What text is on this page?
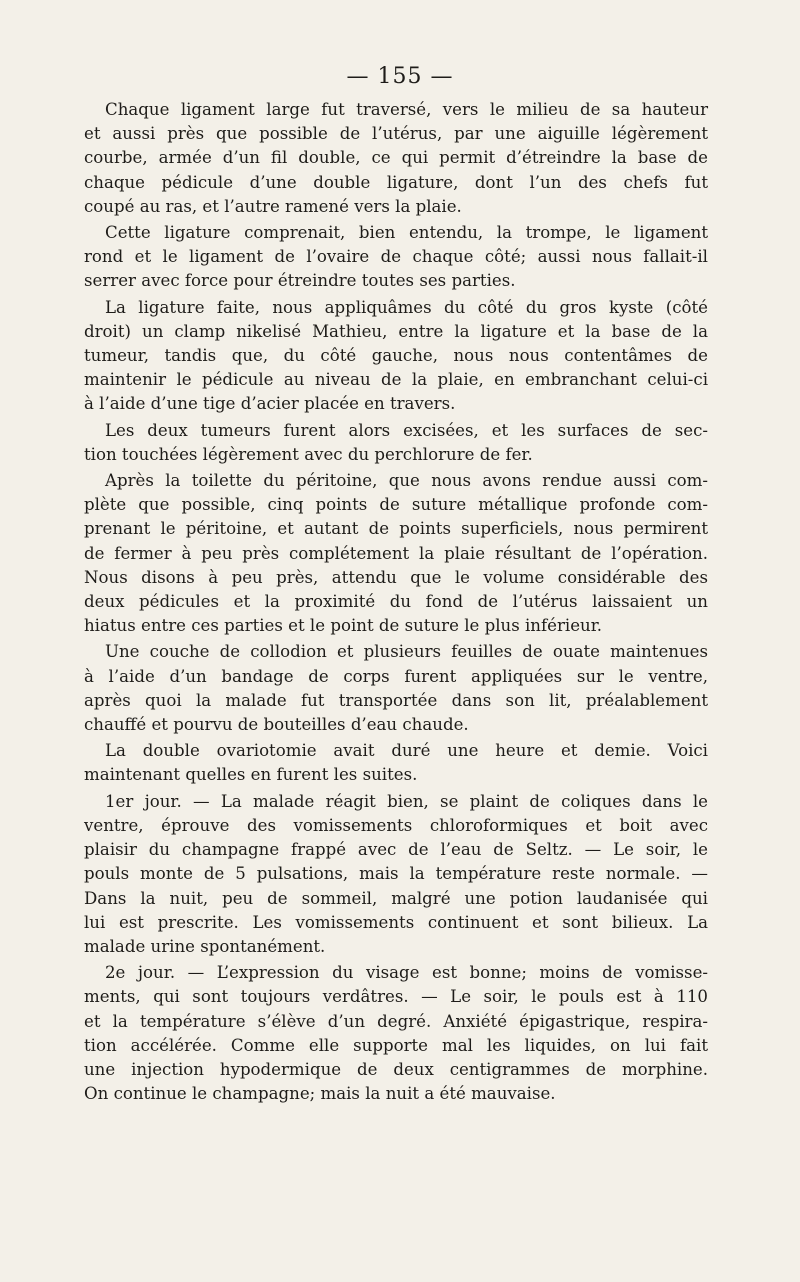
— 155 —
Chaque ligament large fut traversé, vers le milieu de sa hauteur
et aussi près que possible de l’utérus, par une aiguille légèrement
courbe, armée d’un fil double, ce qui permit d’étreindre la base de
chaque pédicule d’une double ligature, dont l’un des chefs fut
coupé au ras, et l’autre ramené vers la plaie.
Cette ligature comprenait, bien entendu, la trompe, le ligament
rond et le ligament de l’ovaire de chaque côté; aussi nous fallait-il
serrer avec force pour étreindre toutes ses parties.
La ligature faite, nous appliquâmes du côté du gros kyste (côté
droit) un clamp nikelisé Mathieu, entre la ligature et la base de la
tumeur, tandis que, du côté gauche, nous nous contentâmes de
maintenir le pédicule au niveau de la plaie, en embranchant celui-ci
à l’aide d’une tige d’acier placée en travers.
Les deux tumeurs furent alors excisées, et les surfaces de sec-
tion touchées légèrement avec du perchlorure de fer.
Après la toilette du péritoine, que nous avons rendue aussi com-
plète que possible, cinq points de suture métallique profonde com-
prenant le péritoine, et autant de points superficiels, nous permirent
de fermer à peu près complétement la plaie résultant de l’opération.
Nous disons à peu près, attendu que le volume considérable des
deux pédicules et la proximité du fond de l’utérus laissaient un
hiatus entre ces parties et le point de suture le plus inférieur.
Une couche de collodion et plusieurs feuilles de ouate maintenues
à l’aide d’un bandage de corps furent appliquées sur le ventre,
après quoi la malade fut transportée dans son lit, préalablement
chauffé et pourvu de bouteilles d’eau chaude.
La double ovariotomie avait duré une heure et demie. Voici
maintenant quelles en furent les suites.
1er jour. — La malade réagit bien, se plaint de coliques dans le
ventre, éprouve des vomissements chloroformiques et boit avec
plaisir du champagne frappé avec de l’eau de Seltz. — Le soir, le
pouls monte de 5 pulsations, mais la température reste normale. —
Dans la nuit, peu de sommeil, malgré une potion laudanisée qui
lui est prescrite. Les vomissements continuent et sont bilieux. La
malade urine spontanément.
2e jour. — L’expression du visage est bonne; moins de vomisse-
ments, qui sont toujours verdâtres. — Le soir, le pouls est à 110
et la température s’élève d’un degré. Anxiété épigastrique, respira-
tion accélérée. Comme elle supporte mal les liquides, on lui fait
une injection hypodermique de deux centigrammes de morphine.
On continue le champagne; mais la nuit a été mauvaise.
